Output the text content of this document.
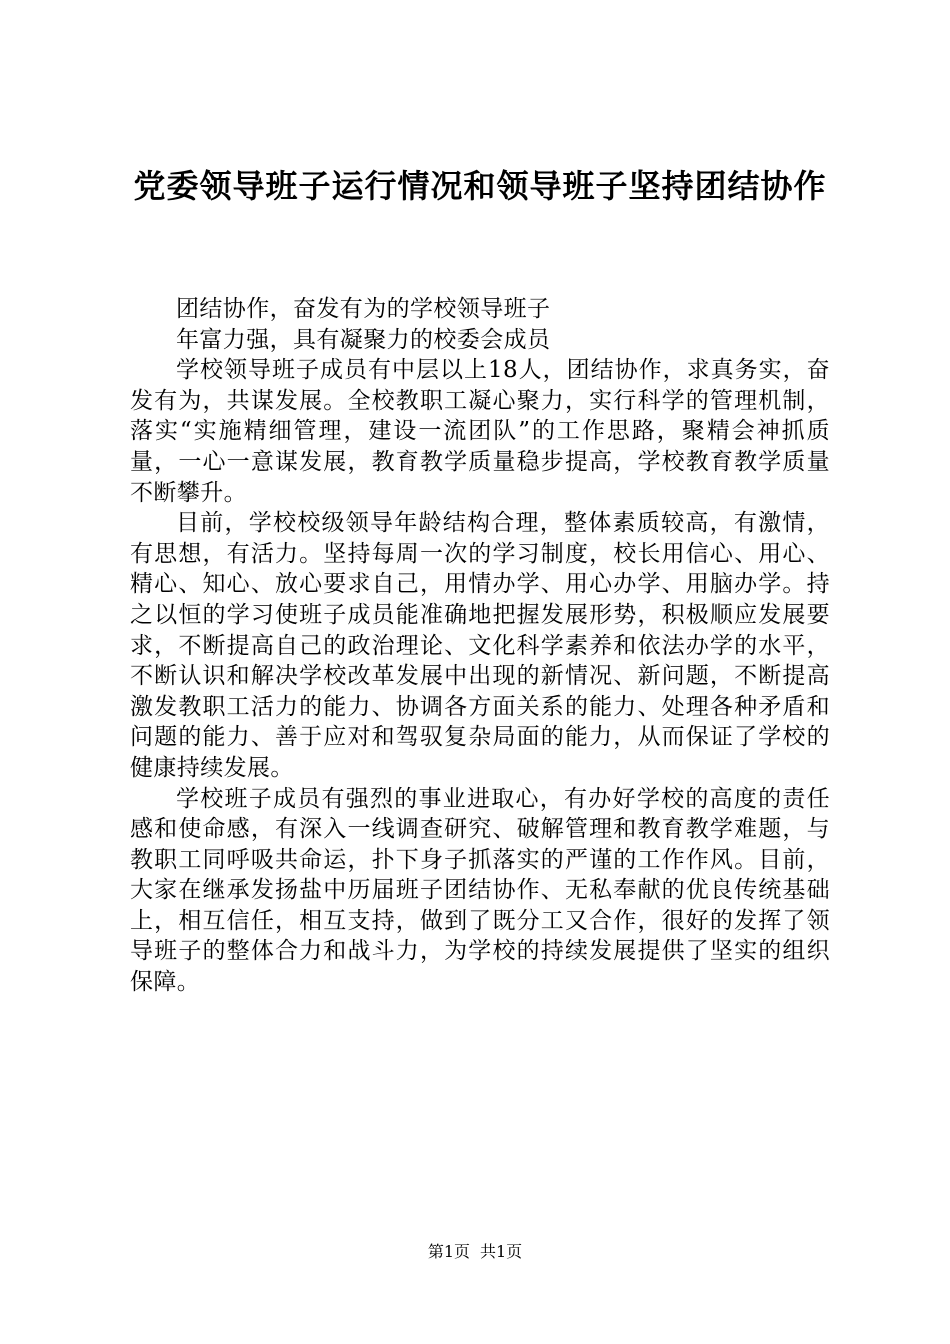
党委领导班子运行情况和领导班子坚持团结协作

团结协作，奋发有为的学校领导班子

年富力强，具有凝聚力的校委会成员

学校领导班子成员有中层以上18人，团结协作，求真务实，奋发有为，共谋发展。全校教职工凝心聚力，实行科学的管理机制，落实“实施精细管理，建设一流团队”的工作思路，聚精会神抓质量，一心一意谋发展，教育教学质量稳步提高，学校教育教学质量不断攀升。

目前，学校校级领导年龄结构合理，整体素质较高，有激情，有思想，有活力。坚持每周一次的学习制度，校长用信心、用心、精心、知心、放心要求自己，用情办学、用心办学、用脑办学。持之以恒的学习使班子成员能准确地把握发展形势，积极顺应发展要求，不断提高自己的政治理论、文化科学素养和依法办学的水平，不断认识和解决学校改革发展中出现的新情况、新问题，不断提高激发教职工活力的能力、协调各方面关系的能力、处理各种矛盾和问题的能力、善于应对和驾驭复杂局面的能力，从而保证了学校的健康持续发展。

学校班子成员有强烈的事业进取心，有办好学校的高度的责任感和使命感，有深入一线调查研究、破解管理和教育教学难题，与教职工同呼吸共命运，扑下身子抓落实的严谨的工作作风。目前，大家在继承发扬盐中历届班子团结协作、无私奉献的优良传统基础上，相互信任，相互支持，做到了既分工又合作，很好的发挥了领导班子的整体合力和战斗力，为学校的持续发展提供了坚实的组织保障。

第1页 共1页
